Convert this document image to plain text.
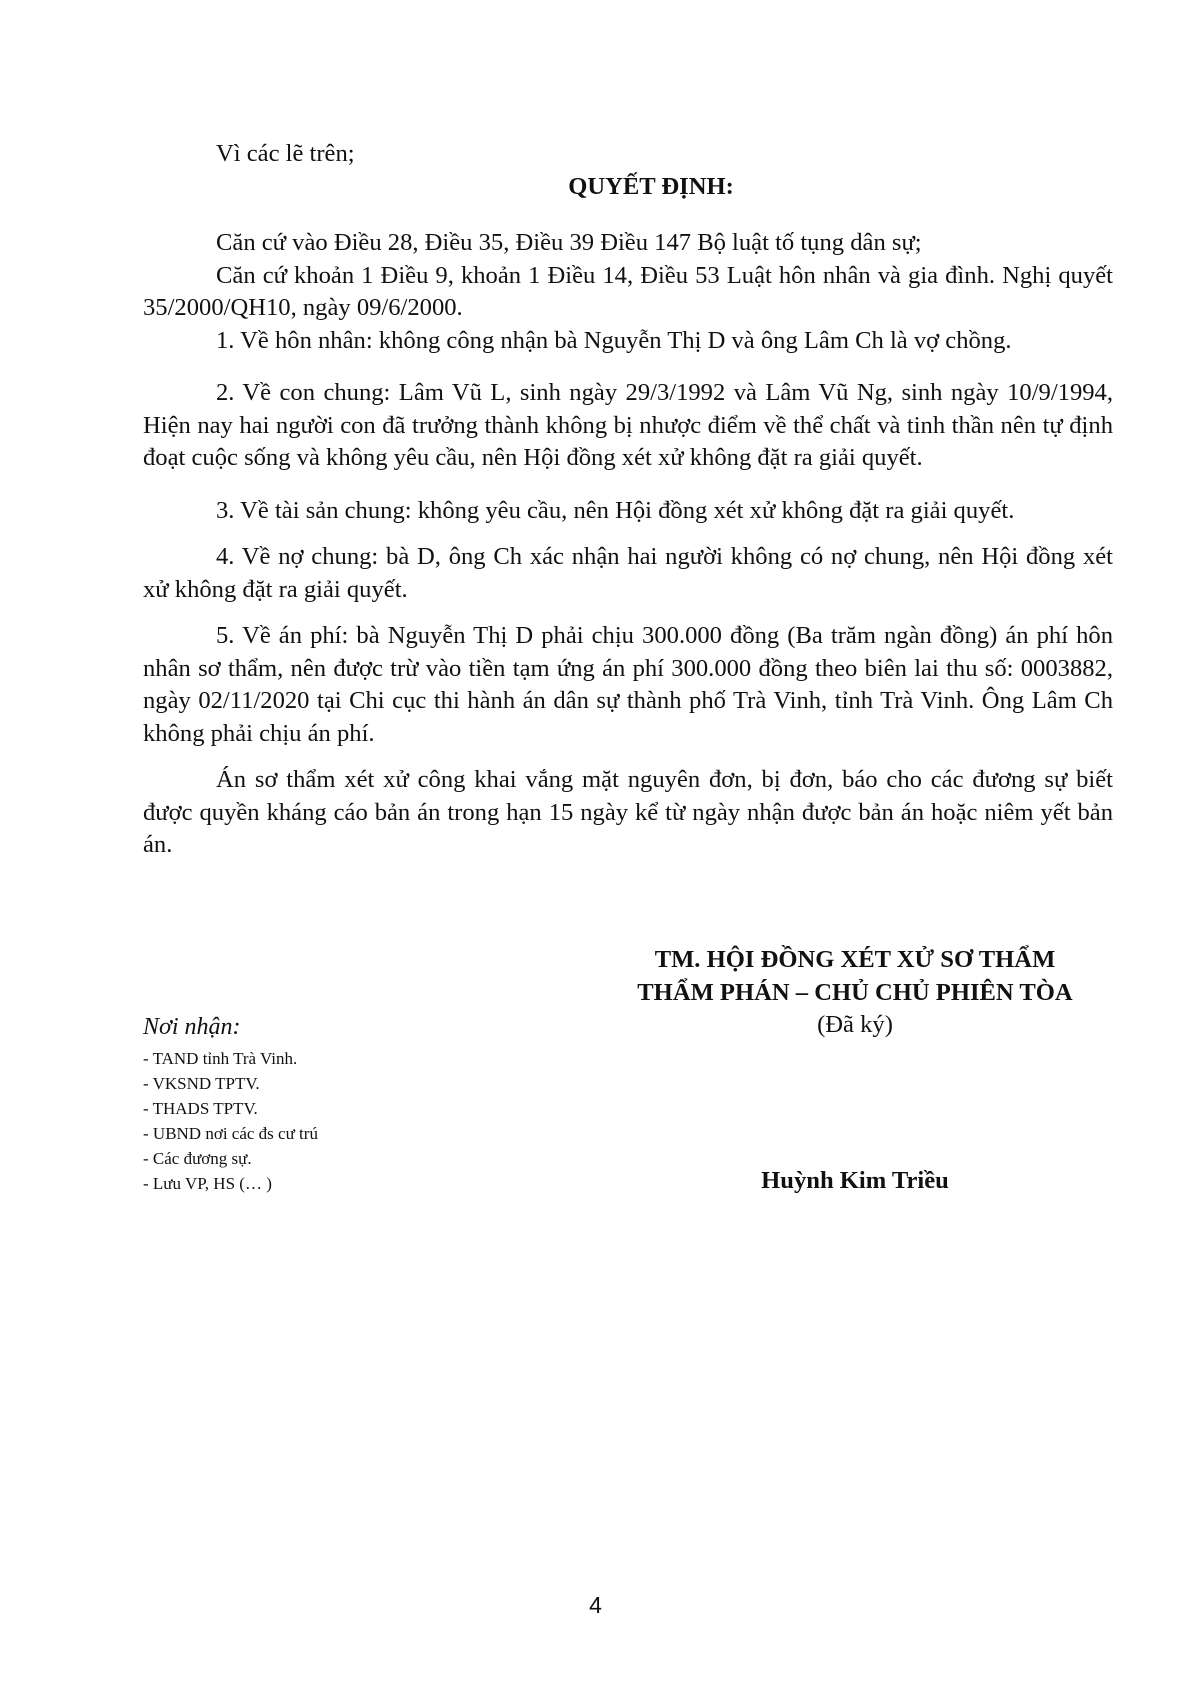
Vì các lẽ trên;

QUYẾT ĐỊNH:

Căn cứ vào Điều 28, Điều 35, Điều 39 Điều 147 Bộ luật tố tụng dân sự;

Căn cứ khoản 1 Điều 9, khoản 1 Điều 14, Điều 53 Luật hôn nhân và gia đình. Nghị quyết 35/2000/QH10, ngày 09/6/2000.

1. Về hôn nhân: không công nhận bà Nguyễn Thị D và ông Lâm Ch là vợ chồng.

2. Về con chung: Lâm Vũ L, sinh ngày 29/3/1992 và Lâm Vũ Ng, sinh ngày 10/9/1994, Hiện nay hai người con đã trưởng thành không bị nhược điểm về thể chất và tinh thần nên tự định đoạt cuộc sống và không yêu cầu, nên Hội đồng xét xử không đặt ra giải quyết.

3. Về tài sản chung: không yêu cầu, nên Hội đồng xét xử không đặt ra giải quyết.

4. Về nợ chung: bà D, ông Ch xác nhận hai người không có nợ chung, nên Hội đồng xét xử không đặt ra giải quyết.

5. Về án phí: bà Nguyễn Thị D phải chịu 300.000 đồng (Ba trăm ngàn đồng) án phí hôn nhân sơ thẩm, nên được trừ vào tiền tạm ứng án phí 300.000 đồng theo biên lai thu số: 0003882, ngày 02/11/2020 tại Chi cục thi hành án dân sự thành phố Trà Vinh, tỉnh Trà Vinh. Ông Lâm Ch không phải chịu án phí.

Án sơ thẩm xét xử công khai vắng mặt nguyên đơn, bị đơn, báo cho các đương sự biết được quyền kháng cáo bản án trong hạn 15 ngày kể từ ngày nhận được bản án hoặc niêm yết bản án.

TM. HỘI ĐỒNG XÉT XỬ SƠ THẨM

THẨM PHÁN – CHỦ CHỦ PHIÊN TÒA

(Đã ký)

Nơi nhận:

- TAND tỉnh Trà Vinh.

- VKSND TPTV.

- THADS TPTV.

- UBND nơi các đs cư trú

- Các đương sự.

- Lưu VP, HS (… )	Huỳnh Kim Triều
4
